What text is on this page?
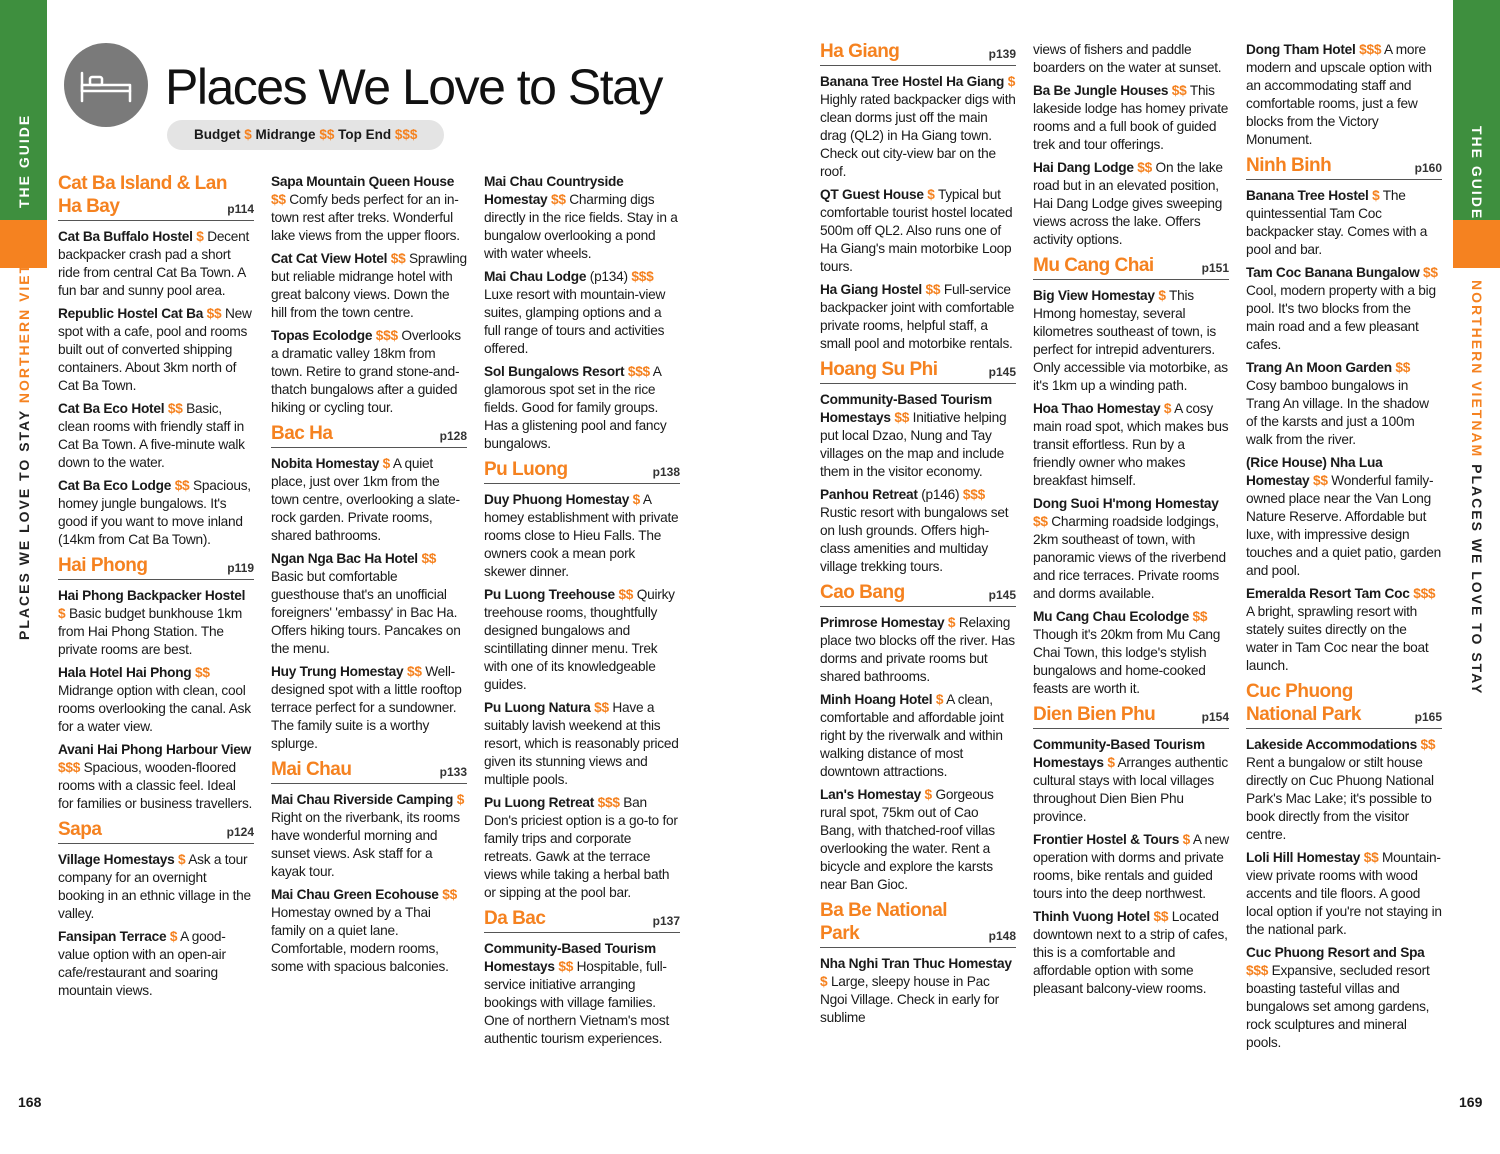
THE GUIDE
PLACES WE LOVE TO STAY NORTHERN VIETNAM
THE GUIDE
NORTHERN VIETNAM PLACES WE LOVE TO STAY
Places We Love to Stay
Budget $ Midrange $$ Top End $$$
Cat Ba Island & Lan Ha Bay	p114
Cat Ba Buffalo Hostel $ Decent backpacker crash pad a short ride from central Cat Ba Town. A fun bar and sunny pool area.
Republic Hostel Cat Ba $$ New spot with a cafe, pool and rooms built out of converted shipping containers. About 3km north of Cat Ba Town.
Cat Ba Eco Hotel $$ Basic, clean rooms with friendly staff in Cat Ba Town. A five-minute walk down to the water.
Cat Ba Eco Lodge $$ Spacious, homey jungle bungalows. It's good if you want to move inland (14km from Cat Ba Town).
Hai Phong	p119
Hai Phong Backpacker Hostel $ Basic budget bunkhouse 1km from Hai Phong Station. The private rooms are best.
Hala Hotel Hai Phong $$ Midrange option with clean, cool rooms overlooking the canal. Ask for a water view.
Avani Hai Phong Harbour View $$$ Spacious, wooden-floored rooms with a classic feel. Ideal for families or business travellers.
Sapa	p124
Village Homestays $ Ask a tour company for an overnight booking in an ethnic village in the valley.
Fansipan Terrace $ A good-value option with an open-air cafe/restaurant and soaring mountain views.
Sapa Mountain Queen House $$ Comfy beds perfect for an in-town rest after treks. Wonderful lake views from the upper floors.
Cat Cat View Hotel $$ Sprawling but reliable midrange hotel with great balcony views. Down the hill from the town centre.
Topas Ecolodge $$$ Overlooks a dramatic valley 18km from town. Retire to grand stone-and-thatch bungalows after a guided hiking or cycling tour.
Bac Ha	p128
Nobita Homestay $ A quiet place, just over 1km from the town centre, overlooking a slate-rock garden. Private rooms, shared bathrooms.
Ngan Nga Bac Ha Hotel $$ Basic but comfortable guesthouse that's an unofficial foreigners' 'embassy' in Bac Ha. Offers hiking tours. Pancakes on the menu.
Huy Trung Homestay $$ Well-designed spot with a little rooftop terrace perfect for a sundowner. The family suite is a worthy splurge.
Mai Chau	p133
Mai Chau Riverside Camping $ Right on the riverbank, its rooms have wonderful morning and sunset views. Ask staff for a kayak tour.
Mai Chau Green Ecohouse $$ Homestay owned by a Thai family on a quiet lane. Comfortable, modern rooms, some with spacious balconies.
Mai Chau Countryside Homestay $$ Charming digs directly in the rice fields. Stay in a bungalow overlooking a pond with water wheels.
Mai Chau Lodge (p134) $$$ Luxe resort with mountain-view suites, glamping options and a full range of tours and activities offered.
Sol Bungalows Resort $$$ A glamorous spot set in the rice fields. Good for family groups. Has a glistening pool and fancy bungalows.
Pu Luong	p138
Duy Phuong Homestay $ A homey establishment with private rooms close to Hieu Falls. The owners cook a mean pork skewer dinner.
Pu Luong Treehouse $$ Quirky treehouse rooms, thoughtfully designed bungalows and scintillating dinner menu. Trek with one of its knowledgeable guides.
Pu Luong Natura $$ Have a suitably lavish weekend at this resort, which is reasonably priced given its stunning views and multiple pools.
Pu Luong Retreat $$$ Ban Don's priciest option is a go-to for family trips and corporate retreats. Gawk at the terrace views while taking a herbal bath or sipping at the pool bar.
Da Bac	p137
Community-Based Tourism Homestays $$ Hospitable, full-service initiative arranging bookings with village families. One of northern Vietnam's most authentic tourism experiences.
Ha Giang	p139
Banana Tree Hostel Ha Giang $ Highly rated backpacker digs with clean dorms just off the main drag (QL2) in Ha Giang town. Check out city-view bar on the roof.
QT Guest House $ Typical but comfortable tourist hostel located 500m off QL2. Also runs one of Ha Giang's main motorbike Loop tours.
Ha Giang Hostel $$ Full-service backpacker joint with comfortable private rooms, helpful staff, a small pool and motorbike rentals.
Hoang Su Phi	p145
Community-Based Tourism Homestays $$ Initiative helping put local Dzao, Nung and Tay villages on the map and include them in the visitor economy.
Panhou Retreat (p146) $$$ Rustic resort with bungalows set on lush grounds. Offers high-class amenities and multiday village trekking tours.
Cao Bang	p145
Primrose Homestay $ Relaxing place two blocks off the river. Has dorms and private rooms but shared bathrooms.
Minh Hoang Hotel $ A clean, comfortable and affordable joint right by the riverwalk and within walking distance of most downtown attractions.
Lan's Homestay $ Gorgeous rural spot, 75km out of Cao Bang, with thatched-roof villas overlooking the water. Rent a bicycle and explore the karsts near Ban Gioc.
Ba Be National Park	p148
Nha Nghi Tran Thuc Homestay $ Large, sleepy house in Pac Ngoi Village. Check in early for sublime
views of fishers and paddle boarders on the water at sunset.
Ba Be Jungle Houses $$ This lakeside lodge has homey private rooms and a full book of guided trek and tour offerings.
Hai Dang Lodge $$ On the lake road but in an elevated position, Hai Dang Lodge gives sweeping views across the lake. Offers activity options.
Mu Cang Chai	p151
Big View Homestay $ This Hmong homestay, several kilometres southeast of town, is perfect for intrepid adventurers. Only accessible via motorbike, as it's 1km up a winding path.
Hoa Thao Homestay $ A cosy main road spot, which makes bus transit effortless. Run by a friendly owner who makes breakfast himself.
Dong Suoi H'mong Homestay $$ Charming roadside lodgings, 2km southeast of town, with panoramic views of the riverbend and rice terraces. Private rooms and dorms available.
Mu Cang Chau Ecolodge $$ Though it's 20km from Mu Cang Chai Town, this lodge's stylish bungalows and home-cooked feasts are worth it.
Dien Bien Phu	p154
Community-Based Tourism Homestays $ Arranges authentic cultural stays with local villages throughout Dien Bien Phu province.
Frontier Hostel & Tours $ A new operation with dorms and private rooms, bike rentals and guided tours into the deep northwest.
Thinh Vuong Hotel $$ Located downtown next to a strip of cafes, this is a comfortable and affordable option with some pleasant balcony-view rooms.
Dong Tham Hotel $$$ A more modern and upscale option with an accommodating staff and comfortable rooms, just a few blocks from the Victory Monument.
Ninh Binh	p160
Banana Tree Hostel $ The quintessential Tam Coc backpacker stay. Comes with a pool and bar.
Tam Coc Banana Bungalow $$ Cool, modern property with a big pool. It's two blocks from the main road and a few pleasant cafes.
Trang An Moon Garden $$ Cosy bamboo bungalows in Trang An village. In the shadow of the karsts and just a 100m walk from the river.
(Rice House) Nha Lua Homestay $$ Wonderful family-owned place near the Van Long Nature Reserve. Affordable but luxe, with impressive design touches and a quiet patio, garden and pool.
Emeralda Resort Tam Coc $$$ A bright, sprawling resort with stately suites directly on the water in Tam Coc near the boat launch.
Cuc Phuong National Park	p165
Lakeside Accommodations $$ Rent a bungalow or stilt house directly on Cuc Phuong National Park's Mac Lake; it's possible to book directly from the visitor centre.
Loli Hill Homestay $$ Mountain-view private rooms with wood accents and tile floors. A good local option if you're not staying in the national park.
Cuc Phuong Resort and Spa $$$ Expansive, secluded resort boasting tasteful villas and bungalows set among gardens, rock sculptures and mineral pools.
168	169
